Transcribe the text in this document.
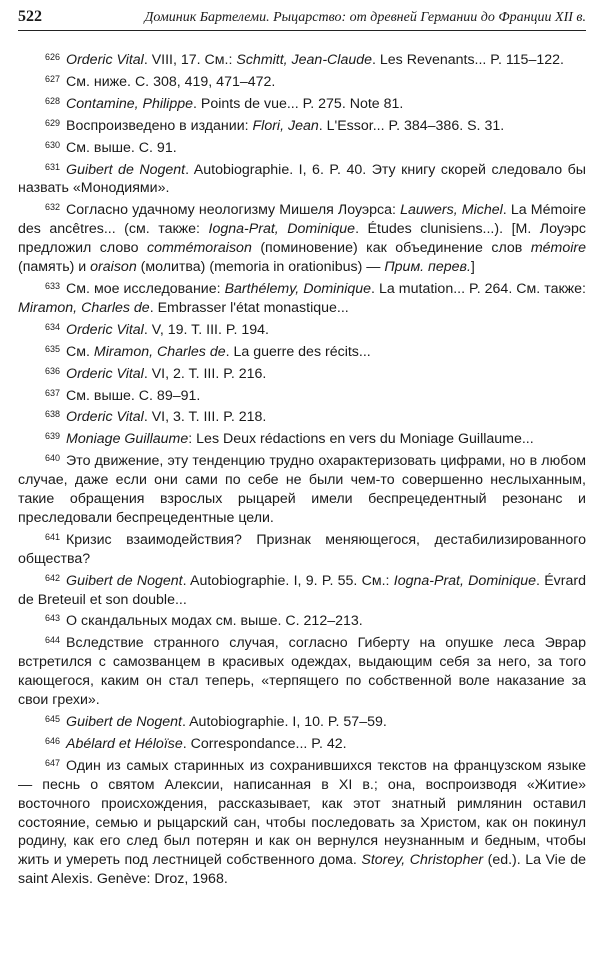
522	Доминик Бартелеми. Рыцарство: от древней Германии до Франции XII в.

$^{626}$ Orderic Vital. VIII, 17. См.: Schmitt, Jean-Claude. Les Revenants... P. 115–122.

$^{627}$ См. ниже. С. 308, 419, 471–472.

$^{628}$ Contamine, Philippe. Points de vue... P. 275. Note 81.

$^{629}$ Воспроизведено в издании: Flori, Jean. L'Essor... P. 384–386. S. 31.

$^{630}$ См. выше. С. 91.

$^{631}$ Guibert de Nogent. Autobiographie. I, 6. P. 40. Эту книгу скорей следовало бы назвать «Монодиями».

$^{632}$ Согласно удачному неологизму Мишеля Лоуэрса: Lauwers, Michel. La Mémoire des ancêtres... (см. также: Iogna-Prat, Dominique. Études clunisiens...). [М. Лоуэрс предложил слово commémoraison (поминовение) как объединение слов mémoire (память) и oraison (молитва) (memoria in orationibus) — Прим. перев.]

$^{633}$ См. мое исследование: Barthélemy, Dominique. La mutation... P. 264. См. также: Miramon, Charles de. Embrasser l'état monastique...

$^{634}$ Orderic Vital. V, 19. T. III. P. 194.

$^{635}$ См. Miramon, Charles de. La guerre des récits...

$^{636}$ Orderic Vital. VI, 2. T. III. P. 216.

$^{637}$ См. выше. С. 89–91.

$^{638}$ Orderic Vital. VI, 3. T. III. P. 218.

$^{639}$ Moniage Guillaume: Les Deux rédactions en vers du Moniage Guillaume...

$^{640}$ Это движение, эту тенденцию трудно охарактеризовать цифрами, но в любом случае, даже если они сами по себе не были чем-то совершенно неслыханным, такие обращения взрослых рыцарей имели беспрецедентный резонанс и преследовали беспрецедентные цели.

$^{641}$ Кризис взаимодействия? Признак меняющегося, дестабилизированного общества?

$^{642}$ Guibert de Nogent. Autobiographie. I, 9. P. 55. См.: Iogna-Prat, Dominique. Évrard de Breteuil et son double...

$^{643}$ О скандальных модах см. выше. С. 212–213.

$^{644}$ Вследствие странного случая, согласно Гиберту на опушке леса Эврар встретился с самозванцем в красивых одеждах, выдающим себя за него, за того кающегося, каким он стал теперь, «терпящего по собственной воле наказание за свои грехи».

$^{645}$ Guibert de Nogent. Autobiographie. I, 10. P. 57–59.

$^{646}$ Abélard et Héloïse. Correspondance... P. 42.

$^{647}$ Один из самых старинных из сохранившихся текстов на французском языке — песнь о святом Алексии, написанная в XI в.; она, воспроизводя «Житие» восточного происхождения, рассказывает, как этот знатный римлянин оставил состояние, семью и рыцарский сан, чтобы последовать за Христом, как он покинул родину, как его след был потерян и как он вернулся неузнанным и бедным, чтобы жить и умереть под лестницей собственного дома. Storey, Christopher (ed.). La Vie de saint Alexis. Genève: Droz, 1968.
